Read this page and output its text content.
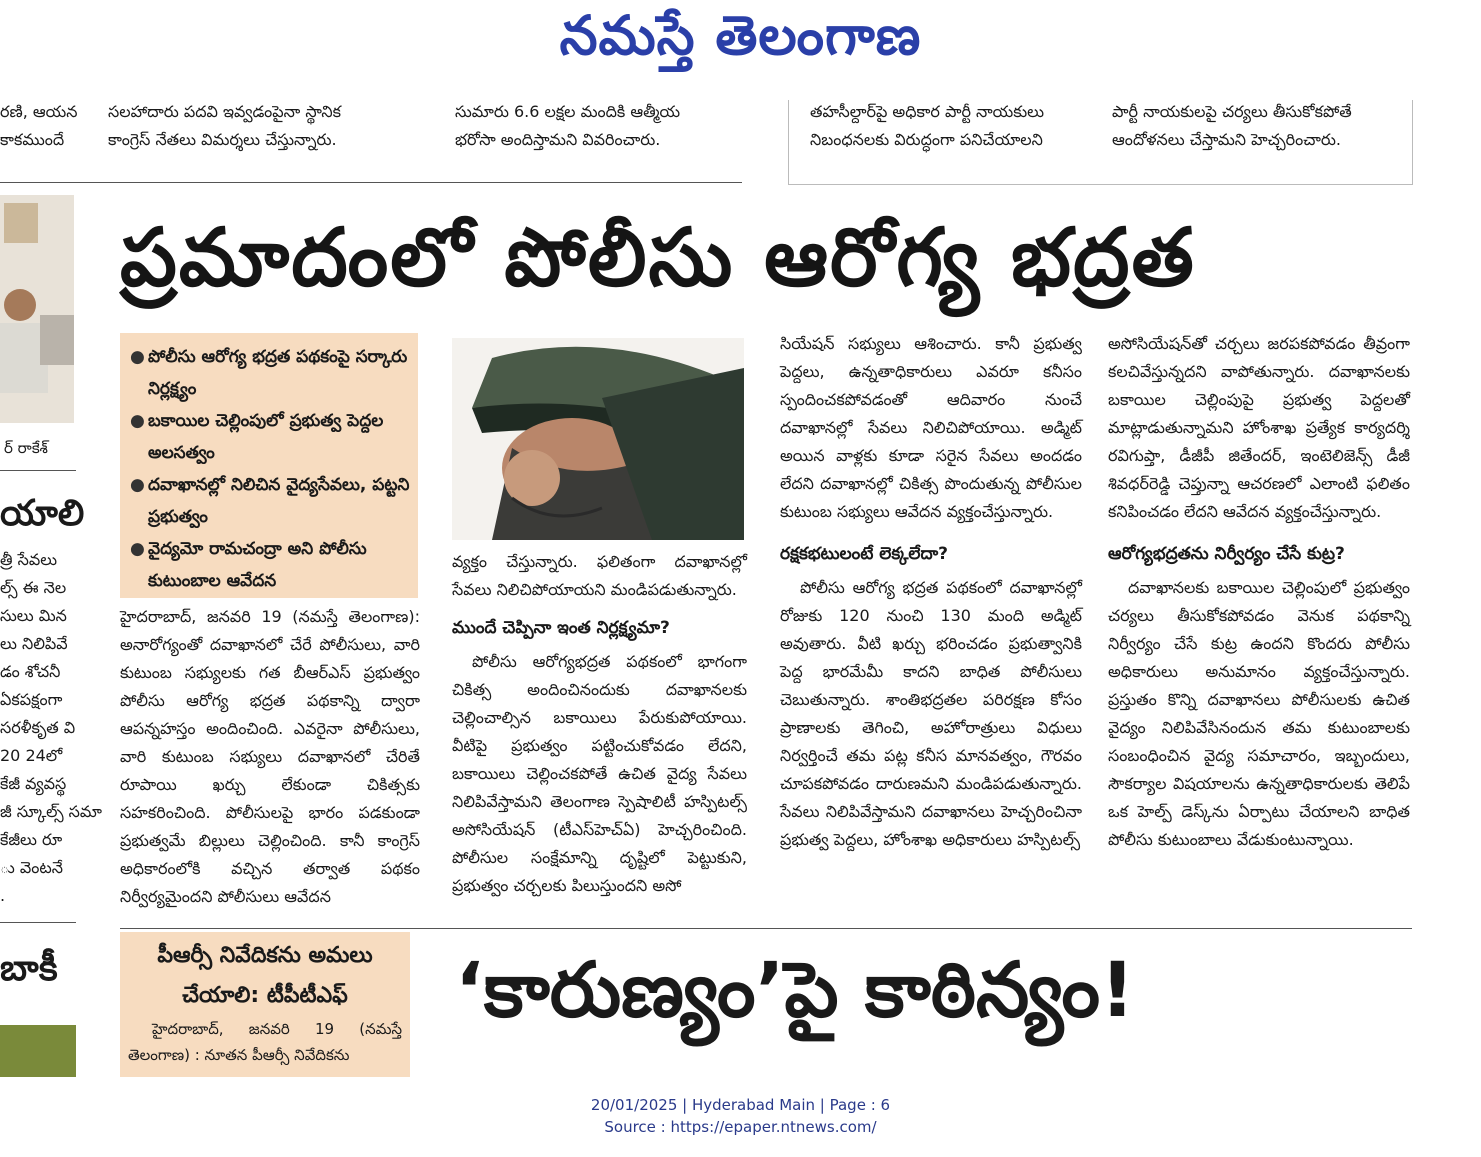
నమస్తే తెలంగాణ

రణి, ఆయన

కాకముందే

సలహాదారు పదవి ఇవ్వడంపైనా స్థానిక

కాంగ్రెస్ నేతలు విమర్శలు చేస్తున్నారు.

సుమారు 6.6 లక్షల మందికి ఆత్మీయ

భరోసా అందిస్తామని వివరించారు.

తహసీల్దార్‌పై అధికార పార్టీ నాయకులు

నిబంధనలకు విరుద్ధంగా పనిచేయాలని

పార్టీ నాయకులపై చర్యలు తీసుకోకపోతే

ఆందోళనలు చేస్తామని హెచ్చరించారు.

ర్ రాకేశ్
యాలి

త్రీ సేవలు

ల్స్ ఈ నెల

సులు మిన

లు నిలిపివే

డం శోచనీ

ఏకపక్షంగా

సరళీకృత వి

20 24లో

కేజీ వ్యవస్థ

జీ స్కూల్స్ సమా

కేజీలు రూ

ు వెంటనే

.

బాకీ
ప్రమాదంలో పోలీసు ఆరోగ్య భద్రత
● పోలీసు ఆరోగ్య భద్రత పథకంపై సర్కారు నిర్లక్ష్యం
● బకాయిల చెల్లింపులో ప్రభుత్వ పెద్దల అలసత్వం
● దవాఖానల్లో నిలిచిన వైద్యసేవలు, పట్టని ప్రభుత్వం
● వైద్యమో రామచంద్రా అని పోలీసు కుటుంబాల ఆవేదన

హైదరాబాద్, జనవరి 19 (నమస్తే తెలంగాణ): అనారోగ్యంతో దవాఖానలో చేరే పోలీసులు, వారి కుటుంబ సభ్యులకు గత బీఆర్‌ఎస్ ప్రభుత్వం పోలీసు ఆరోగ్య భద్రత పథకాన్ని ద్వారా ఆపన్నహస్తం అందించింది. ఎవరైనా పోలీసులు, వారి కుటుంబ సభ్యులు దవాఖానలో చేరితే రూపాయి ఖర్చు లేకుండా చికిత్సకు సహకరించింది. పోలీసులపై భారం పడకుండా ప్రభుత్వమే బిల్లులు చెల్లించింది. కానీ కాంగ్రెస్ అధికారంలోకి వచ్చిన తర్వాత పథకం నిర్వీర్యమైందని పోలీసులు ఆవేదన

వ్యక్తం చేస్తున్నారు. ఫలితంగా దవాఖానల్లో సేవలు నిలిచిపోయాయని మండిపడుతున్నారు.

ముందే చెప్పినా ఇంత నిర్లక్ష్యమా?

పోలీసు ఆరోగ్యభద్రత పథకంలో భాగంగా చికిత్స అందించినందుకు దవాఖానలకు చెల్లించాల్సిన బకాయిలు పేరుకుపోయాయి. వీటిపై ప్రభుత్వం పట్టించుకోవడం లేదని, బకాయిలు చెల్లించకపోతే ఉచిత వైద్య సేవలు నిలిపివేస్తామని తెలంగాణ స్పెషాలిటీ హస్పిటల్స్ అసోసియేషన్ (టీఎస్‌హెచ్‌ఏ) హెచ్చరించింది. పోలీసుల సంక్షేమాన్ని దృష్టిలో పెట్టుకుని, ప్రభుత్వం చర్చలకు పిలుస్తుందని అసో

సియేషన్ సభ్యులు ఆశించారు. కానీ ప్రభుత్వ పెద్దలు, ఉన్నతాధికారులు ఎవరూ కనీసం స్పందించకపోవడంతో ఆదివారం నుంచే దవాఖానల్లో సేవలు నిలిచిపోయాయి. అడ్మిట్ అయిన వాళ్లకు కూడా సరైన సేవలు అందడం లేదని దవాఖానల్లో చికిత్స పొందుతున్న పోలీసుల కుటుంబ సభ్యులు ఆవేదన వ్యక్తంచేస్తున్నారు.

రక్షకభటులంటే లెక్కలేదా?

పోలీసు ఆరోగ్య భద్రత పథకంలో దవాఖానల్లో రోజుకు 120 నుంచి 130 మంది అడ్మిట్ అవుతారు. వీటి ఖర్చు భరించడం ప్రభుత్వానికి పెద్ద భారమేమీ కాదని బాధిత పోలీసులు చెబుతున్నారు. శాంతిభద్రతల పరిరక్షణ కోసం ప్రాణాలకు తెగించి, అహోరాత్రులు విధులు నిర్వర్తించే తమ పట్ల కనీస మానవత్వం, గౌరవం చూపకపోవడం దారుణమని మండిపడుతున్నారు. సేవలు నిలిపివేస్తామని దవాఖానలు హెచ్చరించినా ప్రభుత్వ పెద్దలు, హోంశాఖ అధికారులు హస్పిటల్స్

అసోసియేషన్‌తో చర్చలు జరపకపోవడం తీవ్రంగా కలచివేస్తున్నదని వాపోతున్నారు. దవాఖానలకు బకాయిల చెల్లింపుపై ప్రభుత్వ పెద్దలతో మాట్లాడుతున్నామని హోంశాఖ ప్రత్యేక కార్యదర్శి రవిగుప్తా, డీజీపీ జితేందర్, ఇంటెలిజెన్స్ డీజీ శివధర్‌రెడ్డి చెప్తున్నా ఆచరణలో ఎలాంటి ఫలితం కనిపించడం లేదని ఆవేదన వ్యక్తంచేస్తున్నారు.

ఆరోగ్యభద్రతను నిర్వీర్యం చేసే కుట్ర?

దవాఖానలకు బకాయిల చెల్లింపులో ప్రభుత్వం చర్యలు తీసుకోకపోవడం వెనుక పథకాన్ని నిర్వీర్యం చేసే కుట్ర ఉందని కొందరు పోలీసు అధికారులు అనుమానం వ్యక్తంచేస్తున్నారు. ప్రస్తుతం కొన్ని దవాఖానలు పోలీసులకు ఉచిత వైద్యం నిలిపివేసినందున తమ కుటుంబాలకు సంబంధించిన వైద్య సమాచారం, ఇబ్బందులు, సౌకర్యాల విషయాలను ఉన్నతాధికారులకు తెలిపే ఒక హెల్ప్ డెస్క్‌ను ఏర్పాటు చేయాలని బాధిత పోలీసు కుటుంబాలు వేడుకుంటున్నాయి.

పీఆర్సీ నివేదికను అమలు
చేయాలి: టీపీటీఎఫ్
హైదరాబాద్, జనవరి 19 (నమస్తే తెలంగాణ) : నూతన పీఆర్సీ నివేదికను
‘కారుణ్యం’పై కాఠిన్యం!
20/01/2025 | Hyderabad Main | Page : 6
Source : https://epaper.ntnews.com/
